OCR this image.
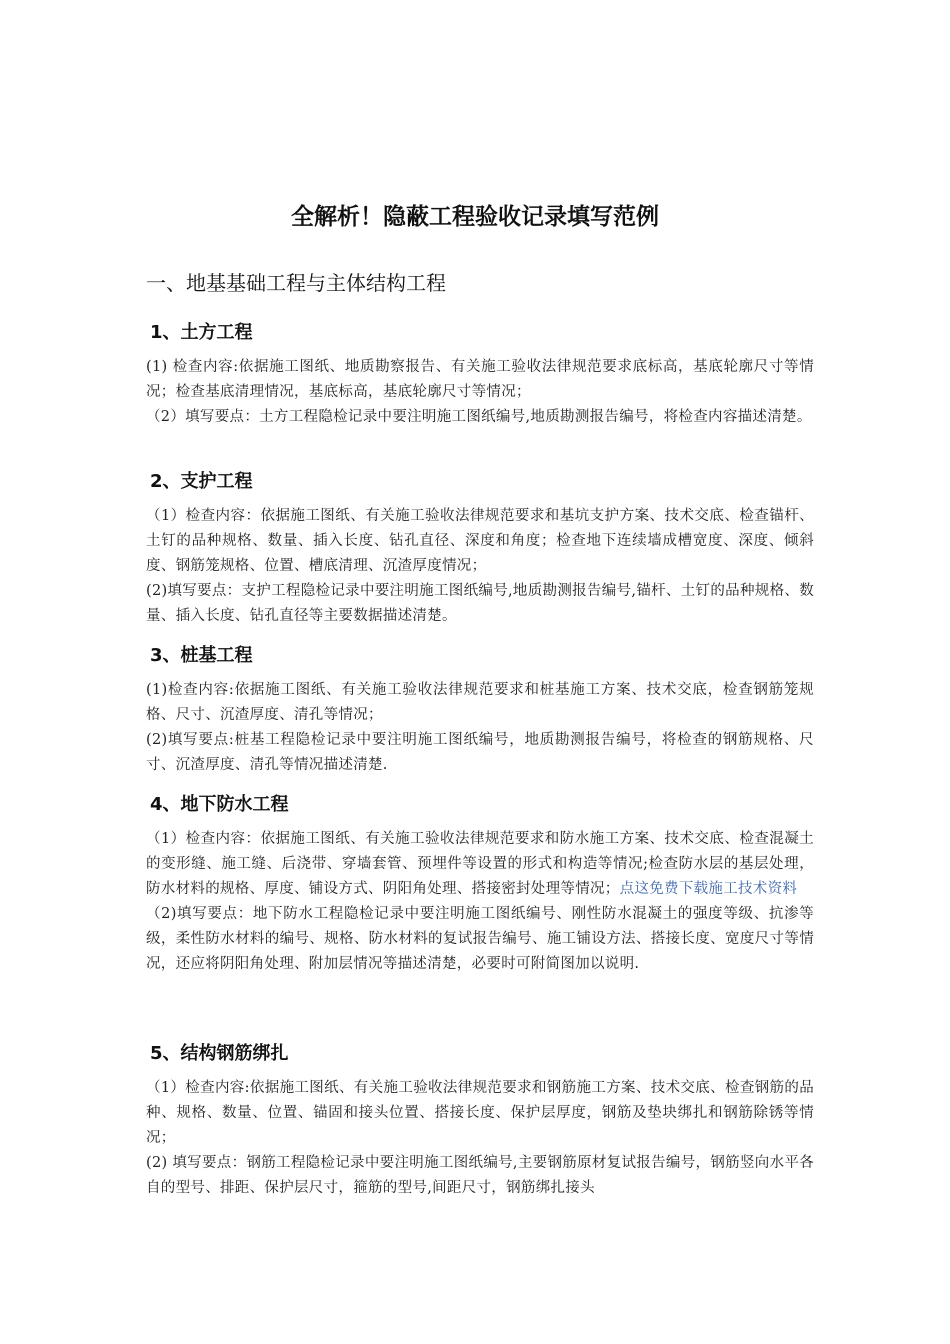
全解析！隐蔽工程验收记录填写范例
一、地基基础工程与主体结构工程
1、土方工程

(1) 检查内容:依据施工图纸、地质勘察报告、有关施工验收法律规范要求底标高，基底轮廓尺寸等情况；检查基底清理情况，基底标高，基底轮廓尺寸等情况；

（2）填写要点：土方工程隐检记录中要注明施工图纸编号,地质勘测报告编号，将检查内容描述清楚。

2、支护工程

（1）检查内容：依据施工图纸、有关施工验收法律规范要求和基坑支护方案、技术交底、检查锚杆、土钉的品种规格、数量、插入长度、钻孔直径、深度和角度；检查地下连续墙成槽宽度、深度、倾斜度、钢筋笼规格、位置、槽底清理、沉渣厚度情况；

(2)填写要点：支护工程隐检记录中要注明施工图纸编号,地质勘测报告编号,锚杆、土钉的品种规格、数量、插入长度、钻孔直径等主要数据描述清楚。

3、桩基工程

(1)检查内容:依据施工图纸、有关施工验收法律规范要求和桩基施工方案、技术交底，检查钢筋笼规格、尺寸、沉渣厚度、清孔等情况；

(2)填写要点:桩基工程隐检记录中要注明施工图纸编号，地质勘测报告编号，将检查的钢筋规格、尺寸、沉渣厚度、清孔等情况描述清楚.

4、地下防水工程

（1）检查内容：依据施工图纸、有关施工验收法律规范要求和防水施工方案、技术交底、检查混凝土的变形缝、施工缝、后浇带、穿墙套管、预埋件等设置的形式和构造等情况;检查防水层的基层处理，防水材料的规格、厚度、铺设方式、阴阳角处理、搭接密封处理等情况；点这免费下载施工技术资料

（2)填写要点：地下防水工程隐检记录中要注明施工图纸编号、刚性防水混凝土的强度等级、抗渗等级，柔性防水材料的编号、规格、防水材料的复试报告编号、施工铺设方法、搭接长度、宽度尺寸等情况，还应将阴阳角处理、附加层情况等描述清楚，必要时可附简图加以说明.

5、结构钢筋绑扎

（1）检查内容:依据施工图纸、有关施工验收法律规范要求和钢筋施工方案、技术交底、检查钢筋的品种、规格、数量、位置、锚固和接头位置、搭接长度、保护层厚度，钢筋及垫块绑扎和钢筋除锈等情况；

(2) 填写要点：钢筋工程隐检记录中要注明施工图纸编号,主要钢筋原材复试报告编号，钢筋竖向水平各自的型号、排距、保护层尺寸，箍筋的型号,间距尺寸，钢筋绑扎接头
